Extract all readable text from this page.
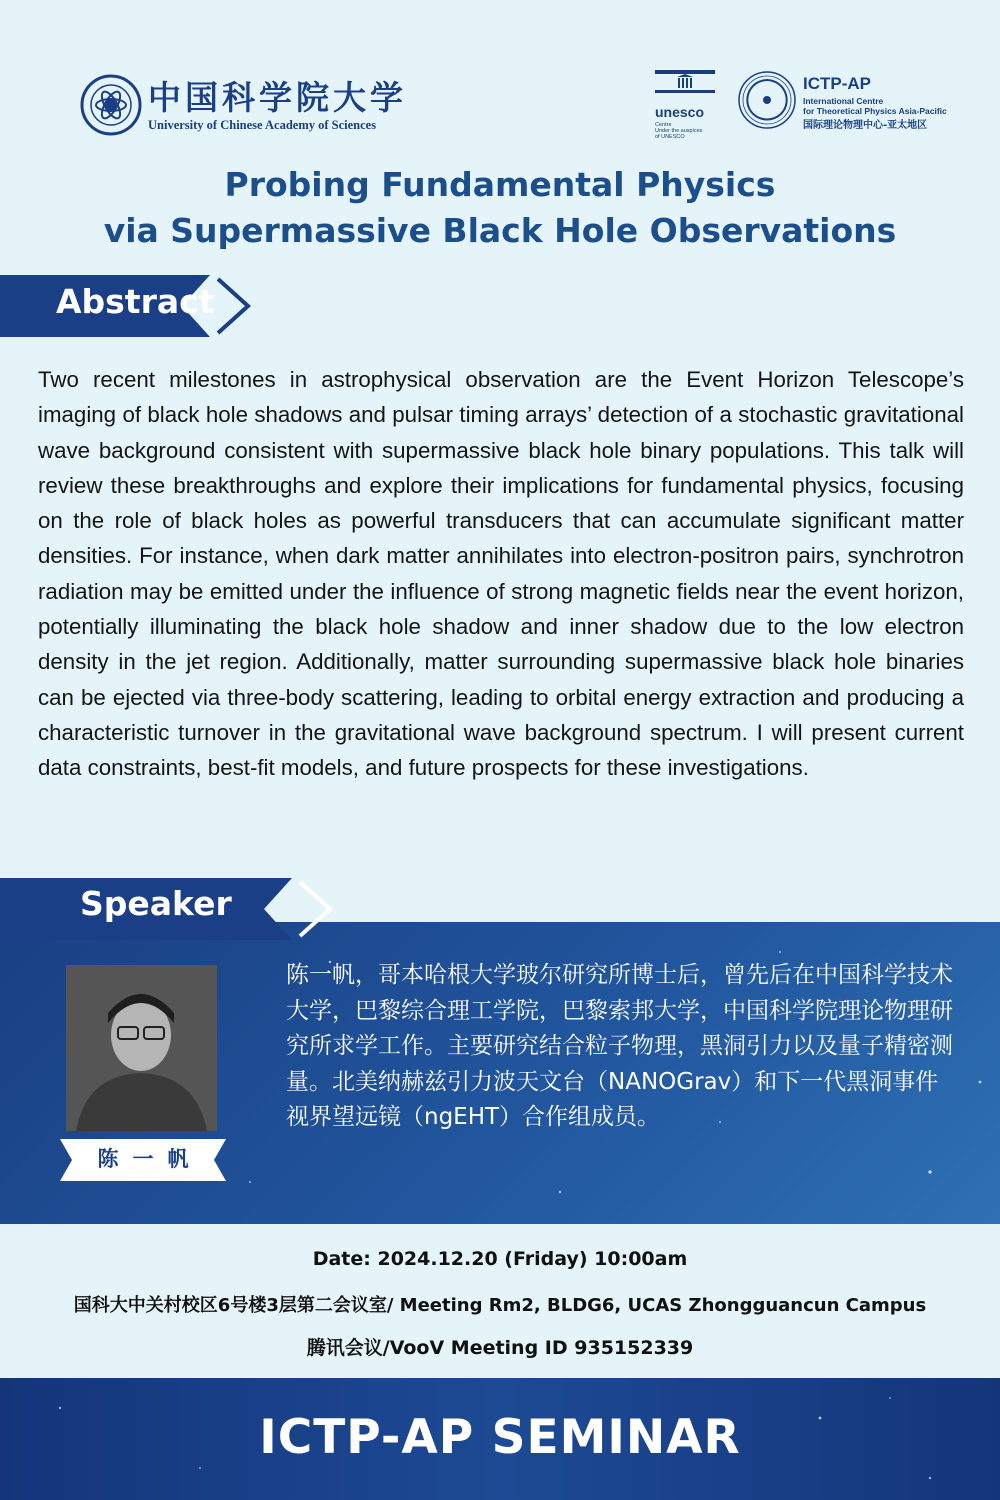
中国科学院大学
University of Chinese Academy of Sciences
unesco
Centre
Under the auspices
of UNESCO
ICTP-AP
International Centre
for Theoretical Physics Asia-Pacific
国际理论物理中心-亚太地区
Probing Fundamental Physics
via Supermassive Black Hole Observations
Abstract
Two recent milestones in astrophysical observation are the Event Horizon Telescope’s imaging of black hole shadows and pulsar timing arrays’ detection of a stochastic gravitational wave background consistent with supermassive black hole binary populations. This talk will review these breakthroughs and explore their implications for fundamental physics, focusing on the role of black holes as powerful transducers that can accumulate significant matter densities. For instance, when dark matter annihilates into electron-positron pairs, synchrotron radiation may be emitted under the influence of strong magnetic fields near the event horizon, potentially illuminating the black hole shadow and inner shadow due to the low electron density in the jet region. Additionally, matter surrounding supermassive black hole binaries can be ejected via three-body scattering, leading to orbital energy extraction and producing a characteristic turnover in the gravitational wave background spectrum. I will present current data constraints, best-fit models, and future prospects for these investigations.
Speaker
陈一帆
陈一帆，哥本哈根大学玻尔研究所博士后，曾先后在中国科学技术大学，巴黎综合理工学院，巴黎索邦大学，中国科学院理论物理研究所求学工作。主要研究结合粒子物理，黑洞引力以及量子精密测量。北美纳赫兹引力波天文台（NANOGrav）和下一代黑洞事件视界望远镜（ngEHT）合作组成员。
Date: 2024.12.20 (Friday) 10:00am
国科大中关村校区6号楼3层第二会议室/ Meeting Rm2, BLDG6, UCAS Zhongguancun Campus
腾讯会议/VooV Meeting ID 935152339
ICTP-AP SEMINAR
